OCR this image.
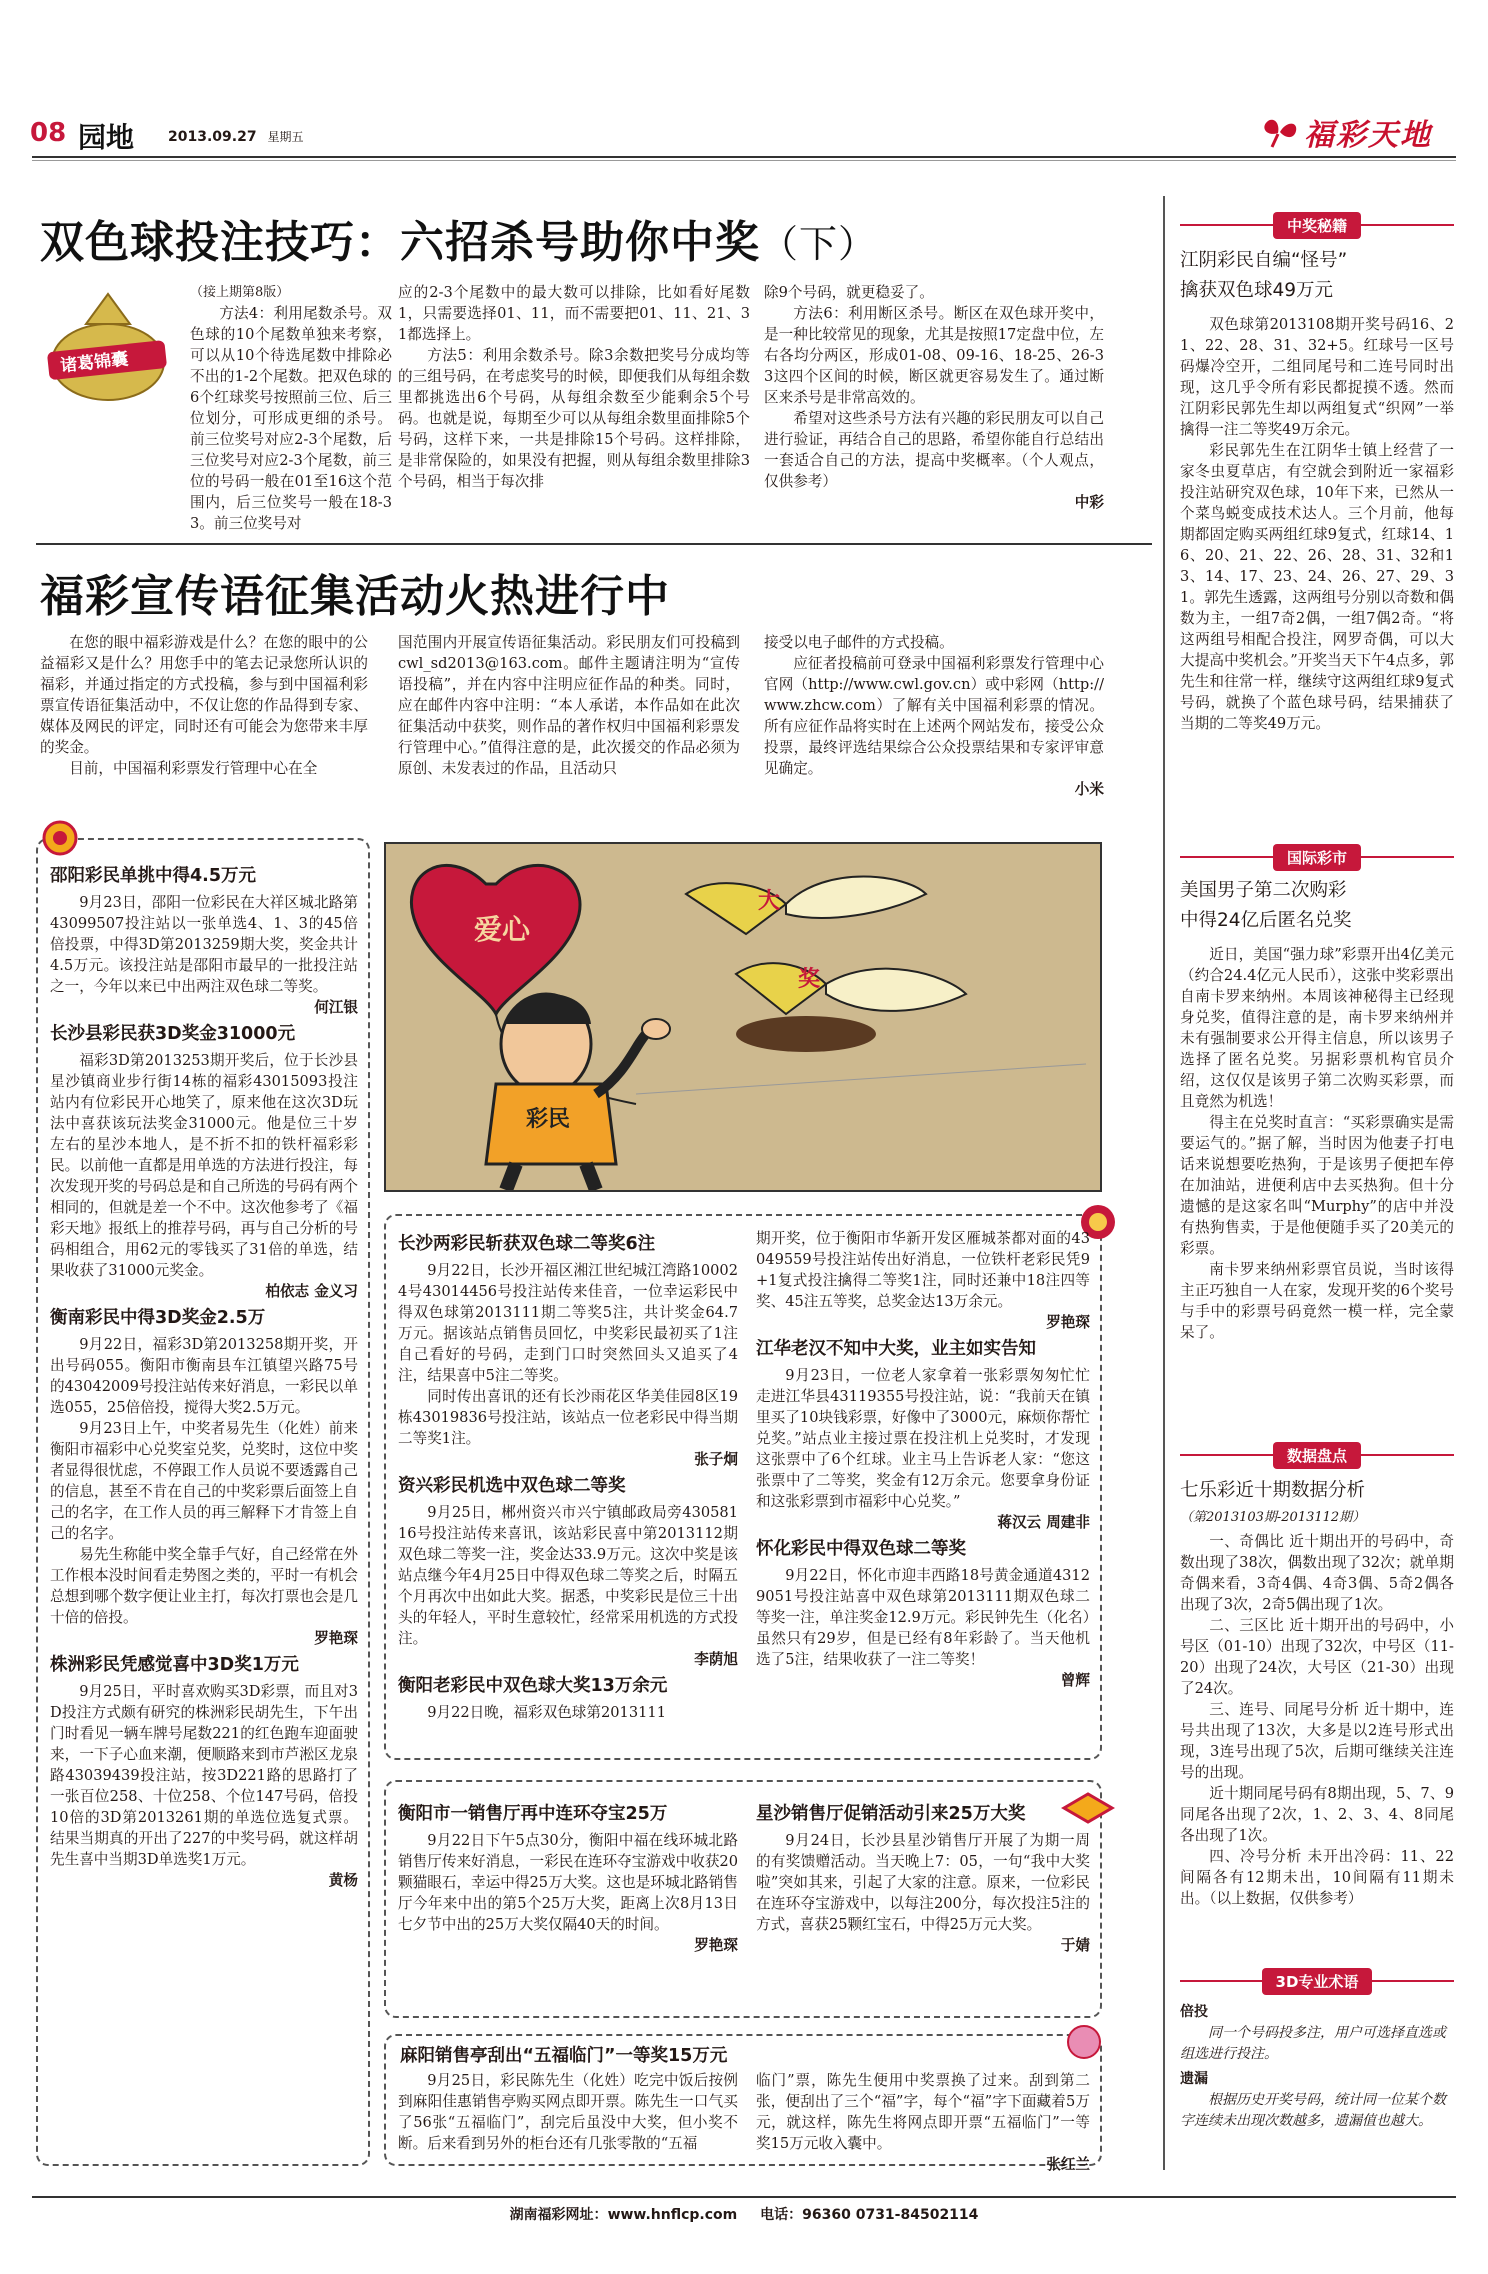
08 园地 2013.09.27 星期五	福彩天地
双色球投注技巧：六招杀号助你中奖（下）
诸葛锦囊

（接上期第8版）

方法4：利用尾数杀号。双色球的10个尾数单独来考察，可以从10个待选尾数中排除必不出的1-2个尾数。把双色球的6个红球奖号按照前三位、后三位划分，可形成更细的杀号。前三位奖号对应2-3个尾数，后三位奖号对应2-3个尾数，前三位的号码一般在01至16这个范围内，后三位奖号一般在18-33。前三位奖号对

应的2-3个尾数中的最大数可以排除，比如看好尾数1，只需要选择01、11，而不需要把01、11、21、31都选择上。

方法5：利用余数杀号。除3余数把奖号分成均等的三组号码，在考虑奖号的时候，即便我们从每组余数里都挑选出6个号码，从每组余数至少能剩余5个号码。也就是说，每期至少可以从每组余数里面排除5个号码，这样下来，一共是排除15个号码。这样排除，是非常保险的，如果没有把握，则从每组余数里排除3个号码，相当于每次排

除9个号码，就更稳妥了。

方法6：利用断区杀号。断区在双色球开奖中，是一种比较常见的现象，尤其是按照17定盘中位，左右各均分两区，形成01-08、09-16、18-25、26-33这四个区间的时候，断区就更容易发生了。通过断区来杀号是非常高效的。

希望对这些杀号方法有兴趣的彩民朋友可以自己进行验证，再结合自己的思路，希望你能自行总结出一套适合自己的方法，提高中奖概率。（个人观点，仅供参考）

中彩
福彩宣传语征集活动火热进行中

在您的眼中福彩游戏是什么？在您的眼中的公益福彩又是什么？用您手中的笔去记录您所认识的福彩，并通过指定的方式投稿，参与到中国福利彩票宣传语征集活动中，不仅让您的作品得到专家、媒体及网民的评定，同时还有可能会为您带来丰厚的奖金。

目前，中国福利彩票发行管理中心在全

国范围内开展宣传语征集活动。彩民朋友们可投稿到cwl_sd2013@163.com。邮件主题请注明为“宣传语投稿”，并在内容中注明应征作品的种类。同时，应在邮件内容中注明：“本人承诺，本作品如在此次征集活动中获奖，则作品的著作权归中国福利彩票发行管理中心。”值得注意的是，此次援交的作品必须为原创、未发表过的作品，且活动只

接受以电子邮件的方式投稿。

应征者投稿前可登录中国福利彩票发行管理中心官网（http://www.cwl.gov.cn）或中彩网（http://www.zhcw.com）了解有关中国福利彩票的情况。所有应征作品将实时在上述两个网站发布，接受公众投票，最终评选结果综合公众投票结果和专家评审意见确定。

小米
邵阳彩民单挑中得4.5万元

9月23日，邵阳一位彩民在大祥区城北路第43099507投注站以一张单选4、1、3的45倍倍投票，中得3D第2013259期大奖，奖金共计4.5万元。该投注站是邵阳市最早的一批投注站之一，今年以来已中出两注双色球二等奖。

何江银
长沙县彩民获3D奖金31000元

福彩3D第2013253期开奖后，位于长沙县星沙镇商业步行街14栋的福彩43015093投注站内有位彩民开心地笑了，原来他在这次3D玩法中喜获该玩法奖金31000元。他是位三十岁左右的星沙本地人，是不折不扣的铁杆福彩彩民。以前他一直都是用单选的方法进行投注，每次发现开奖的号码总是和自己所选的号码有两个相同的，但就是差一个不中。这次他参考了《福彩天地》报纸上的推荐号码，再与自己分析的号码相组合，用62元的零钱买了31倍的单选，结果收获了31000元奖金。

柏依志 金义习
衡南彩民中得3D奖金2.5万

9月22日，福彩3D第2013258期开奖，开出号码055。衡阳市衡南县车江镇望兴路75号的43042009号投注站传来好消息，一彩民以单选055，25倍倍投，搅得大奖2.5万元。

9月23日上午，中奖者易先生（化姓）前来衡阳市福彩中心兑奖室兑奖，兑奖时，这位中奖者显得很忧虑，不停跟工作人员说不要透露自己的信息，甚至不肯在自己的中奖彩票后面签上自己的名字，在工作人员的再三解释下才肯签上自己的名字。

易先生称能中奖全靠手气好，自己经常在外工作根本没时间看走势图之类的，平时一有机会总想到哪个数字便让业主打，每次打票也会是几十倍的倍投。

罗艳琛
株洲彩民凭感觉喜中3D奖1万元

9月25日，平时喜欢购买3D彩票，而且对3D投注方式颇有研究的株洲彩民胡先生，下午出门时看见一辆车牌号尾数221的红色跑车迎面驶来，一下子心血来潮，便顺路来到市芦淞区龙泉路43039439投注站，按3D221路的思路打了一张百位258、十位258、个位147号码，倍投10倍的3D第2013261期的单选位选复式票。结果当期真的开出了227的中奖号码，就这样胡先生喜中当期3D单选奖1万元。

黄杨
爱心
大
奖
彩民
长沙两彩民斩获双色球二等奖6注

9月22日，长沙开福区湘江世纪城江湾路100024号43014456号投注站传来佳音，一位幸运彩民中得双色球第2013111期二等奖5注，共计奖金64.7万元。据该站点销售员回忆，中奖彩民最初买了1注自己看好的号码，走到门口时突然回头又追买了4注，结果喜中5注二等奖。

同时传出喜讯的还有长沙雨花区华美佳园8区19栋43019836号投注站，该站点一位老彩民中得当期二等奖1注。

张子炯
资兴彩民机选中双色球二等奖

9月25日，郴州资兴市兴宁镇邮政局旁43058116号投注站传来喜讯，该站彩民喜中第2013112期双色球二等奖一注，奖金达33.9万元。这次中奖是该站点继今年4月25日中得双色球二等奖之后，时隔五个月再次中出如此大奖。据悉，中奖彩民是位三十出头的年轻人，平时生意较忙，经常采用机选的方式投注。

李荫旭
衡阳老彩民中双色球大奖13万余元

9月22日晚，福彩双色球第2013111

期开奖，位于衡阳市华新开发区雁城茶都对面的43049559号投注站传出好消息，一位铁杆老彩民凭9+1复式投注擒得二等奖1注，同时还兼中18注四等奖、45注五等奖，总奖金达13万余元。

罗艳琛
江华老汉不知中大奖，业主如实告知

9月23日，一位老人家拿着一张彩票匆匆忙忙走进江华县43119355号投注站，说：“我前天在镇里买了10块钱彩票，好像中了3000元，麻烦你帮忙兑奖。”站点业主接过票在投注机上兑奖时，才发现这张票中了6个红球。业主马上告诉老人家：“您这张票中了二等奖，奖金有12万余元。您要拿身份证和这张彩票到市福彩中心兑奖。”

蒋汉云 周建非
怀化彩民中得双色球二等奖

9月22日，怀化市迎丰西路18号黄金通道43129051号投注站喜中双色球第2013111期双色球二等奖一注，单注奖金12.9万元。彩民钟先生（化名）虽然只有29岁，但是已经有8年彩龄了。当天他机选了5注，结果收获了一注二等奖！

曾辉
衡阳市一销售厅再中连环夺宝25万

9月22日下午5点30分，衡阳中福在线环城北路销售厅传来好消息，一彩民在连环夺宝游戏中收获20颗猫眼石，幸运中得25万大奖。这也是环城北路销售厅今年来中出的第5个25万大奖，距离上次8月13日七夕节中出的25万大奖仅隔40天的时间。

罗艳琛
星沙销售厅促销活动引来25万大奖

9月24日，长沙县星沙销售厅开展了为期一周的有奖馈赠活动。当天晚上7：05，一句“我中大奖啦”突如其来，引起了大家的注意。原来，一位彩民在连环夺宝游戏中，以每注200分，每次投注5注的方式，喜获25颗红宝石，中得25万元大奖。

于婧
麻阳销售亭刮出“五福临门”一等奖15万元

9月25日，彩民陈先生（化姓）吃完中饭后按例到麻阳佳惠销售亭购买网点即开票。陈先生一口气买了56张“五福临门”，刮完后虽没中大奖，但小奖不断。后来看到另外的柜台还有几张零散的“五福

临门”票，陈先生便用中奖票换了过来。刮到第二张，便刮出了三个“福”字，每个“福”字下面藏着5万元，就这样，陈先生将网点即开票“五福临门”一等奖15万元收入囊中。

张红兰
中奖秘籍
江阴彩民自编“怪号”
擒获双色球49万元

双色球第2013108期开奖号码16、21、22、28、31、32+5。红球号一区号码爆冷空开，二组同尾号和二连号同时出现，这几乎令所有彩民都捉摸不透。然而江阴彩民郭先生却以两组复式“织网”一举擒得一注二等奖49万余元。

彩民郭先生在江阴华士镇上经营了一家冬虫夏草店，有空就会到附近一家福彩投注站研究双色球，10年下来，已然从一个菜鸟蜕变成技术达人。三个月前，他每期都固定购买两组红球9复式，红球14、16、20、21、22、26、28、31、32和13、14、17、23、24、26、27、29、31。郭先生透露，这两组号分别以奇数和偶数为主，一组7奇2偶，一组7偶2奇。“将这两组号相配合投注，网罗奇偶，可以大大提高中奖机会。”开奖当天下午4点多，郭先生和往常一样，继续守这两组红球9复式号码，就换了个蓝色球号码，结果捕获了当期的二等奖49万元。

国际彩市
美国男子第二次购彩
中得24亿后匿名兑奖

近日，美国“强力球”彩票开出4亿美元（约合24.4亿元人民币），这张中奖彩票出自南卡罗来纳州。本周该神秘得主已经现身兑奖，值得注意的是，南卡罗来纳州并未有强制要求公开得主信息，所以该男子选择了匿名兑奖。另据彩票机构官员介绍，这仅仅是该男子第二次购买彩票，而且竟然为机选！

得主在兑奖时直言：“买彩票确实是需要运气的。”据了解，当时因为他妻子打电话来说想要吃热狗，于是该男子便把车停在加油站，进便利店中去买热狗。但十分遗憾的是这家名叫“Murphy”的店中并没有热狗售卖，于是他便随手买了20美元的彩票。

南卡罗来纳州彩票官员说，当时该得主正巧独自一人在家，发现开奖的6个奖号与手中的彩票号码竟然一模一样，完全蒙呆了。

数据盘点
七乐彩近十期数据分析
（第2013103期-2013112期）

一、奇偶比 近十期出开的号码中，奇数出现了38次，偶数出现了32次；就单期奇偶来看，3奇4偶、4奇3偶、5奇2偶各出现了3次，2奇5偶出现了1次。

二、三区比 近十期开出的号码中，小号区（01-10）出现了32次，中号区（11-20）出现了24次，大号区（21-30）出现了24次。

三、连号、同尾号分析 近十期中，连号共出现了13次，大多是以2连号形式出现，3连号出现了5次，后期可继续关注连号的出现。

近十期同尾号码有8期出现，5、7、9同尾各出现了2次，1、2、3、4、8同尾各出现了1次。

四、冷号分析 未开出冷码：11、22间隔各有12期未出，10间隔有11期未出。（以上数据，仅供参考）

3D专业术语
倍投
同一个号码投多注，用户可选择直选或组选进行投注。
遗漏
根据历史开奖号码，统计同一位某个数字连续未出现次数越多，遗漏值也越大。
湖南福彩网址：www.hnflcp.com 电话：96360 0731-84502114
